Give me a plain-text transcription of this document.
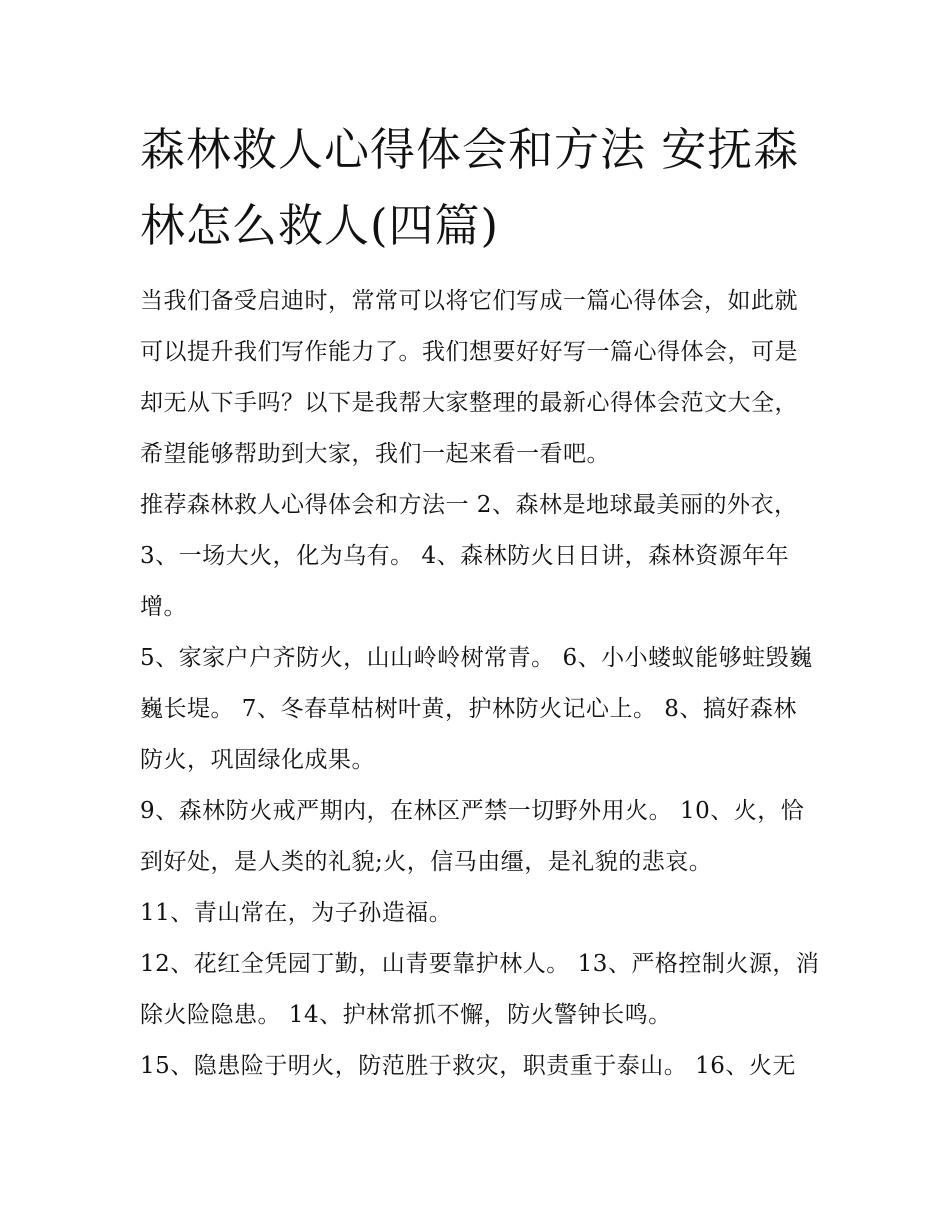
森林救人心得体会和方法 安抚森林怎么救人(四篇)

当我们备受启迪时，常常可以将它们写成一篇心得体会，如此就可以提升我们写作能力了。我们想要好好写一篇心得体会，可是却无从下手吗？以下是我帮大家整理的最新心得体会范文大全，希望能够帮助到大家，我们一起来看一看吧。

推荐森林救人心得体会和方法一 2、森林是地球最美丽的外衣， 3、一场大火，化为乌有。 4、森林防火日日讲，森林资源年年增。

5、家家户户齐防火，山山岭岭树常青。 6、小小蝼蚁能够蛀毁巍巍长堤。 7、冬春草枯树叶黄，护林防火记心上。 8、搞好森林防火，巩固绿化成果。

9、森林防火戒严期内，在林区严禁一切野外用火。 10、火，恰到好处，是人类的礼貌;火，信马由缰，是礼貌的悲哀。

11、青山常在，为子孙造福。

12、花红全凭园丁勤，山青要靠护林人。 13、严格控制火源，消除火险隐患。 14、护林常抓不懈，防火警钟长鸣。

15、隐患险于明火，防范胜于救灾，职责重于泰山。 16、火无
